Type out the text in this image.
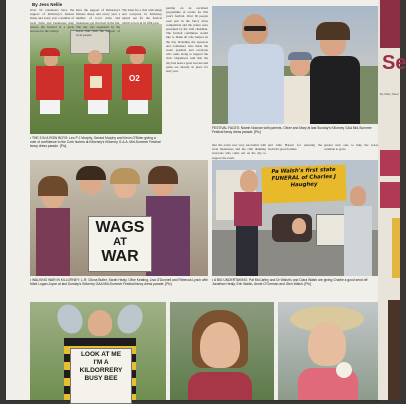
By Jess Nellie
O2
Over 50 volunteers have the support of Killorney's famous sheep and every year a number of local clubs and businesses help ensure the festival is a great success for the village.
have the support of Killorney's famous sheep and every year a number of local clubs and businesses get involved in the fun. The day was organised by the GAA club with the support of local people.
The Glen for a visit with sheep and everyone in Killorney turned out for the festival which is now in its fifth year.
• THE 3 IN A ROW BOYS: Leo P J Murphy, Gerard Murphy and Kevin O'Brien giving a vote of confidence to the Cork hurlers at Killorney's Killorney G.A.A. Mid-Summer Festival fancy dress parade. [Pic]
putting on an excellent programme of events for this year's festival. Over 60 people took part in the fancy dress competition and the prizes were presented by the club chairman. The festival committee would like to thank all who helped on the day including the sponsors and volunteers who made the event possible and everyone who came along to support the club. Organisers said that the day had been a great success and plans are already in place for next year.
FESTIVAL FACES: Niamh Noonan with parents, Oliver and Mary at last Sunday's Killorney GAA Mid-Summer Festival fancy dress parade. [Pic]
that the event was very successful with local businesses and the club thanking everyone who came out on the day to support the event.
and John Barrett for ensuring the festival's good fortune.
greater turn outs to help the GAA continue to grow.
WAGS
AT
WAR
• WALKING WAR IN KILLORNEY: L-R: Cliona Butler, Sarah Healy, Olive Keating, Lisa O'Donnell and Rebecca Lynch with Mark Lugan-Joyce at last Sunday's Killorney GAA Mid-Summer Festival fancy dress parade. [Pic]
Pa Walsh's first state FUNERAL of Charles J Haughey
• A BIG UNDERTAKING: Pat McCarthy and Dr Walsh's and Ciara Walsh are giving Charlie a good send off: Jonathan Healy, Erin Walsh, Annie O'Gorman and Glen Walsh. [Pic]
LOOK AT ME
I'M A
KILDORRERY
BUSY BEE
Se
By Mary Steel
